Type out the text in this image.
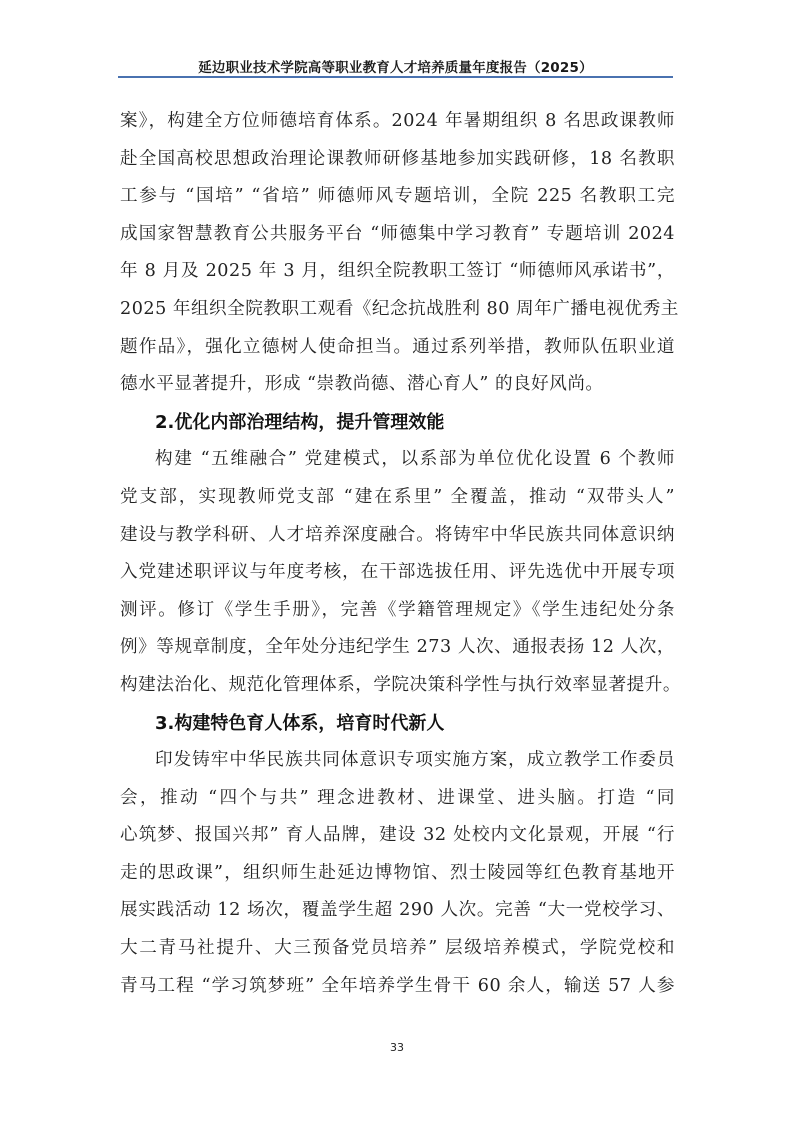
延边职业技术学院高等职业教育人才培养质量年度报告（2025）
案》，构建全方位师德培育体系。2024 年暑期组织 8 名思政课教师
赴全国高校思想政治理论课教师研修基地参加实践研修，18 名教职
工参与 “国培” “省培” 师德师风专题培训，全院 225 名教职工完
成国家智慧教育公共服务平台 “师德集中学习教育” 专题培训 2024
年 8 月及 2025 年 3 月，组织全院教职工签订 “师德师风承诺书”，
2025 年组织全院教职工观看《纪念抗战胜利 80 周年广播电视优秀主
题作品》，强化立德树人使命担当。通过系列举措，教师队伍职业道
德水平显著提升，形成 “崇教尚德、潜心育人” 的良好风尚。
2.优化内部治理结构，提升管理效能
构建 “五维融合” 党建模式，以系部为单位优化设置 6 个教师
党支部，实现教师党支部 “建在系里” 全覆盖，推动 “双带头人”
建设与教学科研、人才培养深度融合。将铸牢中华民族共同体意识纳
入党建述职评议与年度考核，在干部选拔任用、评先选优中开展专项
测评。修订《学生手册》，完善《学籍管理规定》《学生违纪处分条
例》等规章制度，全年处分违纪学生 273 人次、通报表扬 12 人次，
构建法治化、规范化管理体系，学院决策科学性与执行效率显著提升。
3.构建特色育人体系，培育时代新人
印发铸牢中华民族共同体意识专项实施方案，成立教学工作委员
会，推动 “四个与共” 理念进教材、进课堂、进头脑。打造 “同
心筑梦、报国兴邦” 育人品牌，建设 32 处校内文化景观，开展 “行
走的思政课”，组织师生赴延边博物馆、烈士陵园等红色教育基地开
展实践活动 12 场次，覆盖学生超 290 人次。完善 “大一党校学习、
大二青马社提升、大三预备党员培养” 层级培养模式，学院党校和
青马工程 “学习筑梦班” 全年培养学生骨干 60 余人，输送 57 人参
33
